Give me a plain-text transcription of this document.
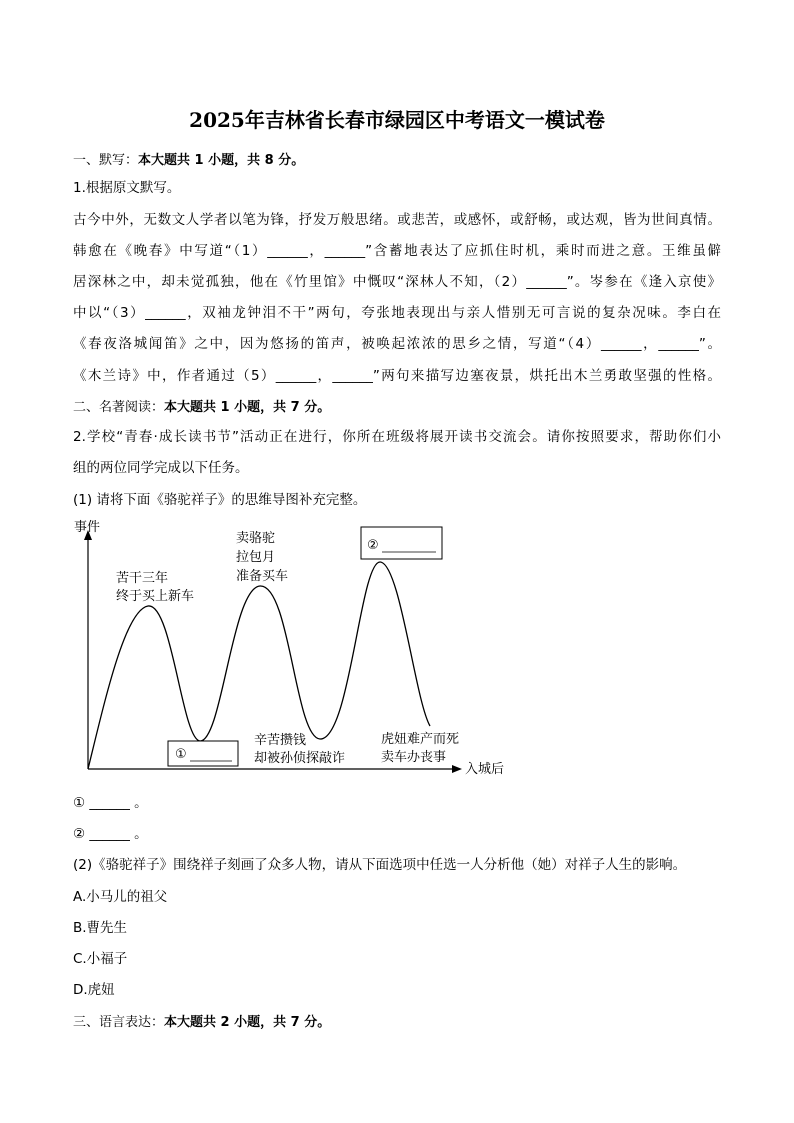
2025年吉林省长春市绿园区中考语文一模试卷
一、默写：本大题共 1 小题，共 8 分。
1.根据原文默写。
古今中外，无数文人学者以笔为锋，抒发万般思绪。或悲苦，或感怀，或舒畅，或达观，皆为世间真情。
韩愈在《晚春》中写道“（1）______，______”含蓄地表达了应抓住时机，乘时而进之意。王维虽僻
居深林之中，却未觉孤独，他在《竹里馆》中慨叹“深林人不知，（2）______”。岑参在《逢入京使》
中以“（3）______，双袖龙钟泪不干”两句，夸张地表现出与亲人惜别无可言说的复杂况味。李白在
《春夜洛城闻笛》之中，因为悠扬的笛声，被唤起浓浓的思乡之情，写道“（4）______，______”。
《木兰诗》中，作者通过（5）______，______”两句来描写边塞夜景，烘托出木兰勇敢坚强的性格。
二、名著阅读：本大题共 1 小题，共 7 分。
2.学校“青春·成长读书节”活动正在进行，你所在班级将展开读书交流会。请你按照要求，帮助你们小
组的两位同学完成以下任务。
(1) 请将下面《骆驼祥子》的思维导图补充完整。
事件
入城后
苦干三年
终于买上新车
卖骆驼
拉包月
准备买车
辛苦攒钱
却被孙侦探敲诈
虎妞难产而死
卖车办丧事
①
②
① ______ 。
② ______ 。
(2)《骆驼祥子》围绕祥子刻画了众多人物，请从下面选项中任选一人分析他（她）对祥子人生的影响。
A.小马儿的祖父
B.曹先生
C.小福子
D.虎妞
三、语言表达：本大题共 2 小题，共 7 分。
